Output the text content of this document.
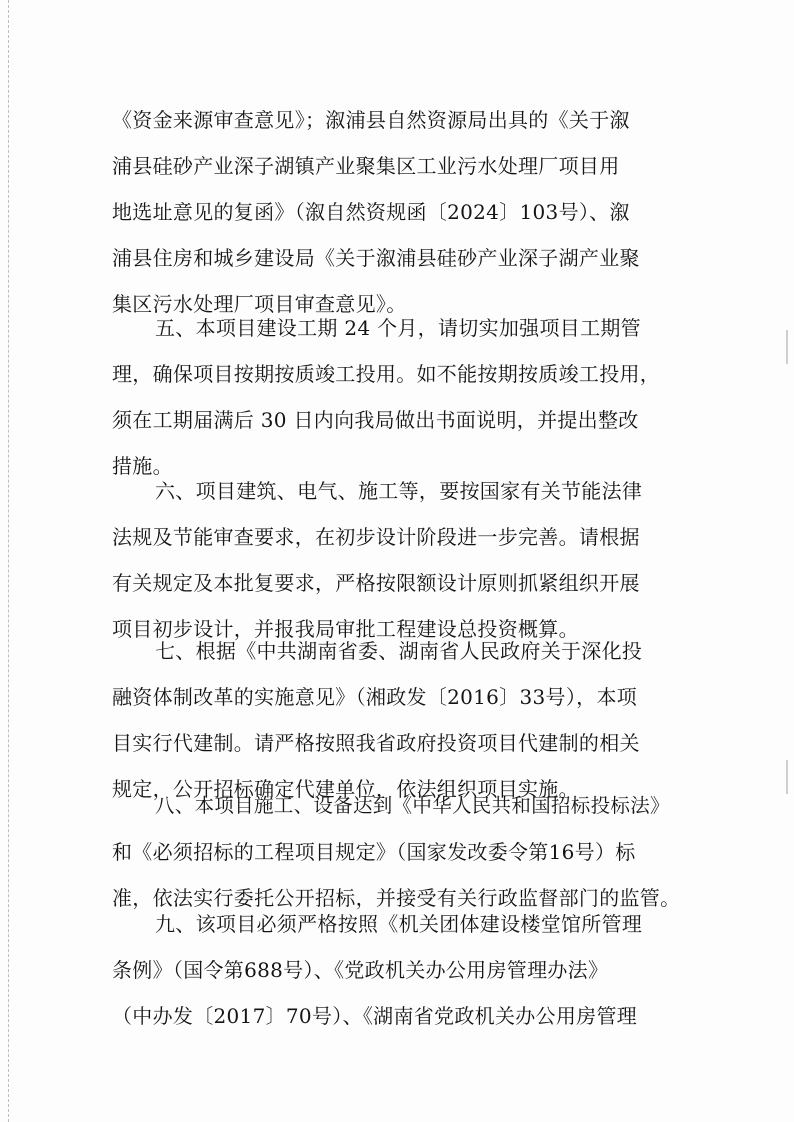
《资金来源审查意见》；溆浦县自然资源局出具的《关于溆
浦县硅砂产业深子湖镇产业聚集区工业污水处理厂项目用
地选址意见的复函》（溆自然资规函〔2024〕103号）、溆
浦县住房和城乡建设局《关于溆浦县硅砂产业深子湖产业聚
集区污水处理厂项目审查意见》。
五、本项目建设工期 24 个月，请切实加强项目工期管
理，确保项目按期按质竣工投用。如不能按期按质竣工投用，
须在工期届满后 30 日内向我局做出书面说明，并提出整改
措施。
六、项目建筑、电气、施工等，要按国家有关节能法律
法规及节能审查要求，在初步设计阶段进一步完善。请根据
有关规定及本批复要求，严格按限额设计原则抓紧组织开展
项目初步设计，并报我局审批工程建设总投资概算。
七、根据《中共湖南省委、湖南省人民政府关于深化投
融资体制改革的实施意见》（湘政发〔2016〕33号），本项
目实行代建制。请严格按照我省政府投资项目代建制的相关
规定，公开招标确定代建单位，依法组织项目实施。
八、本项目施工、设备达到《中华人民共和国招标投标法》
和《必须招标的工程项目规定》（国家发改委令第16号）标
准，依法实行委托公开招标，并接受有关行政监督部门的监管。
九、该项目必须严格按照《机关团体建设楼堂馆所管理
条例》（国令第688号）、《党政机关办公用房管理办法》
（中办发〔2017〕70号）、《湖南省党政机关办公用房管理
